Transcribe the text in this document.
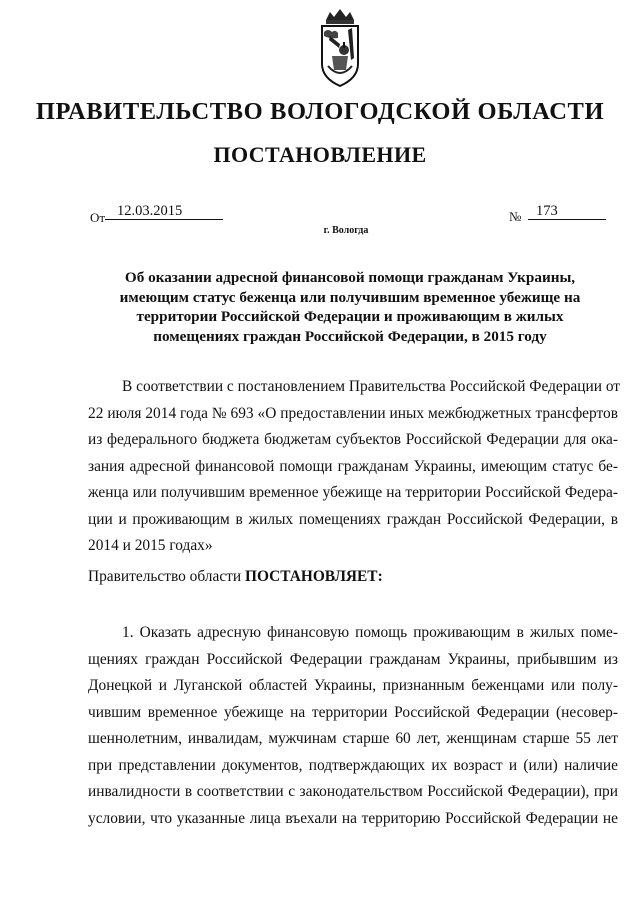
ПРАВИТЕЛЬСТВО ВОЛОГОДСКОЙ ОБЛАСТИ
ПОСТАНОВЛЕНИЕ
От 12.03.2015	№	173
г. Вологда
Об оказании адресной финансовой помощи гражданам Украины,
имеющим статус беженца или получившим временное убежище на
территории Российской Федерации и проживающим в жилых
помещениях граждан Российской Федерации, в 2015 году
В соответствии с постановлением Правительства Российской Федерации от
22 июля 2014 года № 693 «О предоставлении иных межбюджетных трансфертов
из федерального бюджета бюджетам субъектов Российской Федерации для ока-
зания адресной финансовой помощи гражданам Украины, имеющим статус бе-
женца или получившим временное убежище на территории Российской Федера-
ции и проживающим в жилых помещениях граждан Российской Федерации, в
2014 и 2015 годах»
Правительство области ПОСТАНОВЛЯЕТ:
1. Оказать адресную финансовую помощь проживающим в жилых поме-
щениях граждан Российской Федерации гражданам Украины, прибывшим из
Донецкой и Луганской областей Украины, признанным беженцами или полу-
чившим временное убежище на территории Российской Федерации (несовер-
шеннолетним, инвалидам, мужчинам старше 60 лет, женщинам старше 55 лет
при представлении документов, подтверждающих их возраст и (или) наличие
инвалидности в соответствии с законодательством Российской Федерации), при
условии, что указанные лица въехали на территорию Российской Федерации не
